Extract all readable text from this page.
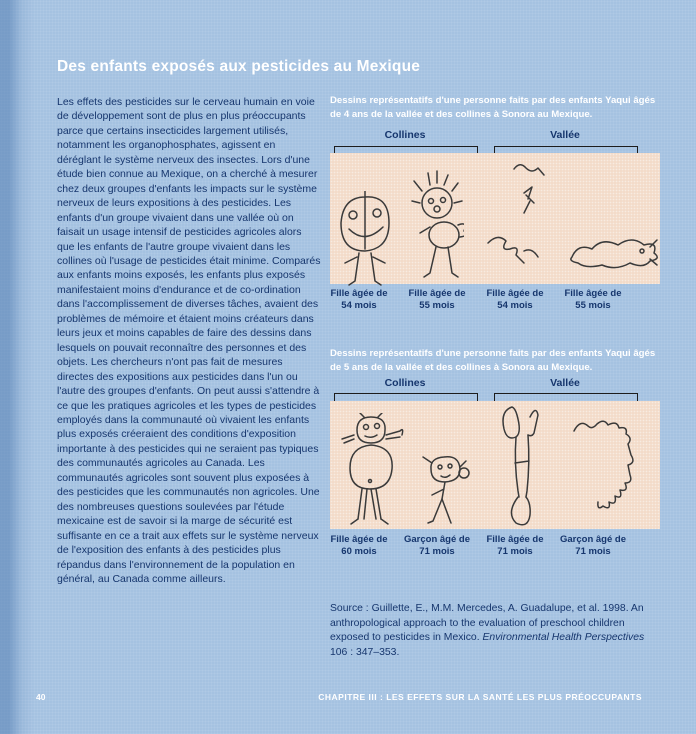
Des enfants exposés aux pesticides au Mexique

Les effets des pesticides sur le cerveau humain en voie de développement sont de plus en plus préoccupants parce que certains insecticides largement utilisés, notamment les organophosphates, agissent en déréglant le système nerveux des insectes. Lors d'une étude bien connue au Mexique, on a cherché à mesurer chez deux groupes d'enfants les impacts sur le système nerveux de leurs expositions à des pesticides. Les enfants d'un groupe vivaient dans une vallée où on faisait un usage intensif de pesticides agricoles alors que les enfants de l'autre groupe vivaient dans les collines où l'usage de pesticides était minime. Comparés aux enfants moins exposés, les enfants plus exposés manifestaient moins d'endurance et de co-ordination dans l'accomplissement de diverses tâches, avaient des problèmes de mémoire et étaient moins créateurs dans leurs jeux et moins capables de faire des dessins dans lesquels on pouvait reconnaître des personnes et des objets. Les chercheurs n'ont pas fait de mesures directes des expositions aux pesticides dans l'un ou l'autre des groupes d'enfants. On peut aussi s'attendre à ce que les pratiques agricoles et les types de pesticides employés dans la communauté où vivaient les enfants plus exposés créeraient des conditions d'exposition importante à des pesticides qui ne seraient pas typiques des communautés agricoles au Canada. Les communautés agricoles sont souvent plus exposées à des pesticides que les communautés non agricoles. Une des nombreuses questions soulevées par l'étude mexicaine est de savoir si la marge de sécurité est suffisante en ce a trait aux effets sur le système nerveux de l'exposition des enfants à des pesticides plus répandus dans l'environnement de la population en général, au Canada comme ailleurs.

Dessins représentatifs d'une personne faits par des enfants Yaqui âgés de 4 ans de la vallée et des collines à Sonora au Mexique.

Collines	Vallée
Fille âgée de 54 mois
Fille âgée de 55 mois
Fille âgée de 54 mois
Fille âgée de 55 mois

Dessins représentatifs d'une personne faits par des enfants Yaqui âgés de 5 ans de la vallée et des collines à Sonora au Mexique.

Collines	Vallée
Fille âgée de 60 mois
Garçon âgé de 71 mois
Fille âgée de 71 mois
Garçon âgé de 71 mois

Source : Guillette, E., M.M. Mercedes, A. Guadalupe, et al. 1998. An anthropological approach to the evaluation of preschool children exposed to pesticides in Mexico. Environmental Health Perspectives 106 : 347–353.

40	CHAPITRE III : LES EFFETS SUR LA SANTÉ LES PLUS PRÉOCCUPANTS
